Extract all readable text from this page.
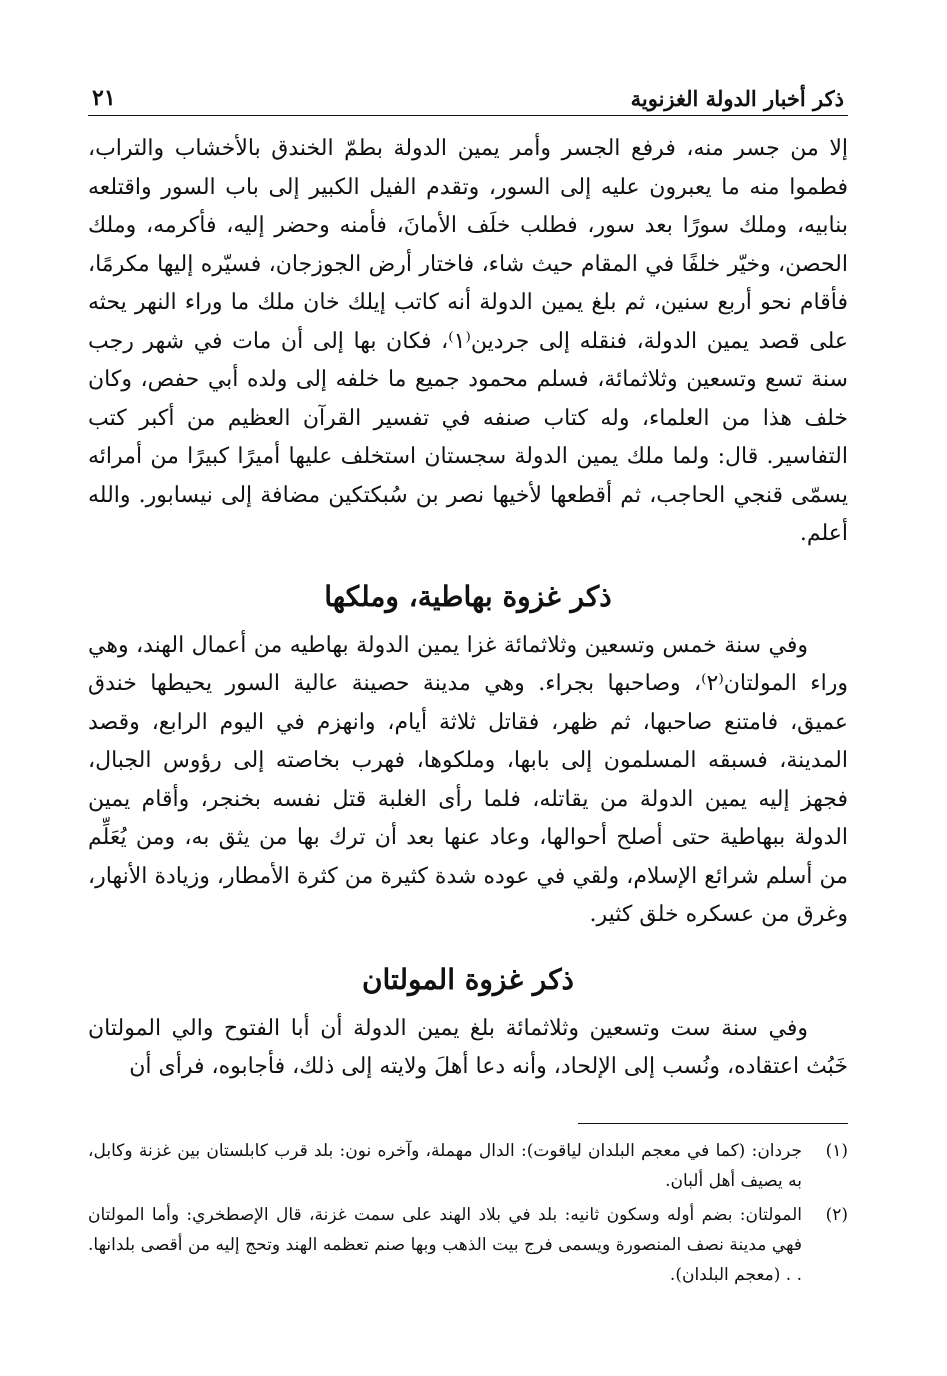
ذكر أخبار الدولة الغزنوية
٢١

إلا من جسر منه، فرفع الجسر وأمر يمين الدولة بطمّ الخندق بالأخشاب والتراب، فطموا منه ما يعبرون عليه إلى السور، وتقدم الفيل الكبير إلى باب السور واقتلعه بنابيه، وملك سورًا بعد سور، فطلب خلَف الأمانَ، فأمنه وحضر إليه، فأكرمه، وملك الحصن، وخيّر خلفًا في المقام حيث شاء، فاختار أرض الجوزجان، فسيّره إليها مكرمًا، فأقام نحو أربع سنين، ثم بلغ يمين الدولة أنه كاتب إيلك خان ملك ما وراء النهر يحثه على قصد يمين الدولة، فنقله إلى جردين⁽١⁾، فكان بها إلى أن مات في شهر رجب سنة تسع وتسعين وثلاثمائة، فسلم محمود جميع ما خلفه إلى ولده أبي حفص، وكان خلف هذا من العلماء، وله كتاب صنفه في تفسير القرآن العظيم من أكبر كتب التفاسير. قال: ولما ملك يمين الدولة سجستان استخلف عليها أميرًا كبيرًا من أمرائه يسمّى قنجي الحاجب، ثم أقطعها لأخيها نصر بن سُبكتكين مضافة إلى نيسابور. والله أعلم.

ذكر غزوة بهاطية، وملكها

وفي سنة خمس وتسعين وثلاثمائة غزا يمين الدولة بهاطيه من أعمال الهند، وهي وراء المولتان⁽٢⁾، وصاحبها بجراء. وهي مدينة حصينة عالية السور يحيطها خندق عميق، فامتنع صاحبها، ثم ظهر، فقاتل ثلاثة أيام، وانهزم في اليوم الرابع، وقصد المدينة، فسبقه المسلمون إلى بابها، وملكوها، فهرب بخاصته إلى رؤوس الجبال، فجهز إليه يمين الدولة من يقاتله، فلما رأى الغلبة قتل نفسه بخنجر، وأقام يمين الدولة ببهاطية حتى أصلح أحوالها، وعاد عنها بعد أن ترك بها من يثق به، ومن يُعَلِّم من أسلم شرائع الإسلام، ولقي في عوده شدة كثيرة من كثرة الأمطار، وزيادة الأنهار، وغرق من عسكره خلق كثير.

ذكر غزوة المولتان

وفي سنة ست وتسعين وثلاثمائة بلغ يمين الدولة أن أبا الفتوح والي المولتان خَبُث اعتقاده، ونُسب إلى الإلحاد، وأنه دعا أهلَ ولايته إلى ذلك، فأجابوه، فرأى أن

(١)
جردان: (كما في معجم البلدان لياقوت): الدال مهملة، وآخره نون: بلد قرب كابلستان بين غزنة وكابل، به يصيف أهل ألبان.
(٢)
المولتان: بضم أوله وسكون ثانيه: بلد في بلاد الهند على سمت غزنة، قال الإصطخري: وأما المولتان فهي مدينة نصف المنصورة ويسمى فرج بيت الذهب وبها صنم تعظمه الهند وتحج إليه من أقصى بلدانها. . . (معجم البلدان).
